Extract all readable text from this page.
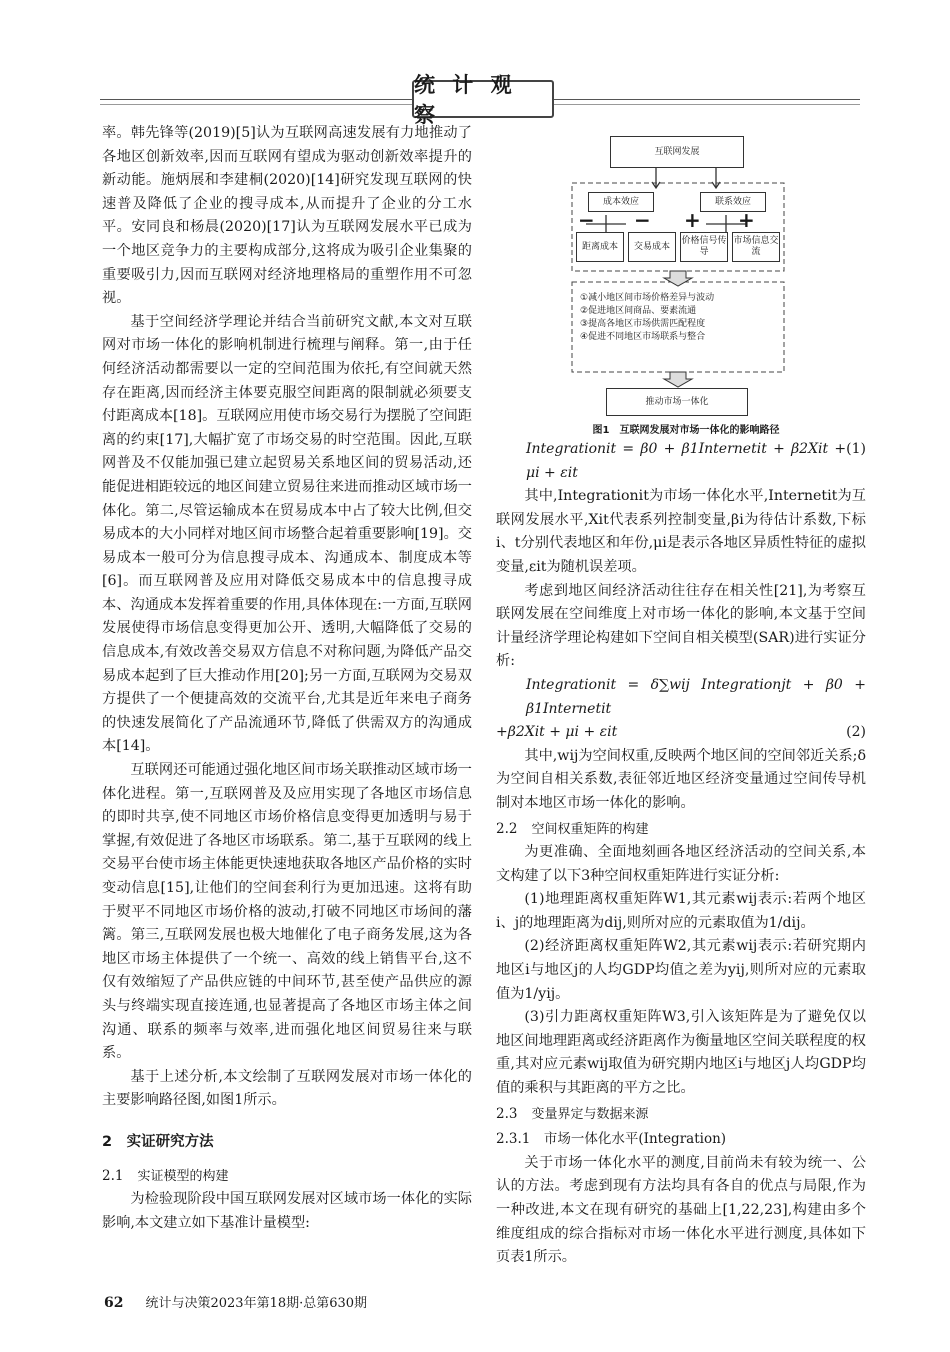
统 计 观 察

率。韩先锋等(2019)[5]认为互联网高速发展有力地推动了各地区创新效率,因而互联网有望成为驱动创新效率提升的新动能。施炳展和李建桐(2020)[14]研究发现互联网的快速普及降低了企业的搜寻成本,从而提升了企业的分工水平。安同良和杨晨(2020)[17]认为互联网发展水平已成为一个地区竞争力的主要构成部分,这将成为吸引企业集聚的重要吸引力,因而互联网对经济地理格局的重塑作用不可忽视。

基于空间经济学理论并结合当前研究文献,本文对互联网对市场一体化的影响机制进行梳理与阐释。第一,由于任何经济活动都需要以一定的空间范围为依托,有空间就天然存在距离,因而经济主体要克服空间距离的限制就必须要支付距离成本[18]。互联网应用使市场交易行为摆脱了空间距离的约束[17],大幅扩宽了市场交易的时空范围。因此,互联网普及不仅能加强已建立起贸易关系地区间的贸易活动,还能促进相距较远的地区间建立贸易往来进而推动区域市场一体化。第二,尽管运输成本在贸易成本中占了较大比例,但交易成本的大小同样对地区间市场整合起着重要影响[19]。交易成本一般可分为信息搜寻成本、沟通成本、制度成本等[6]。而互联网普及应用对降低交易成本中的信息搜寻成本、沟通成本发挥着重要的作用,具体体现在:一方面,互联网发展使得市场信息变得更加公开、透明,大幅降低了交易的信息成本,有效改善交易双方信息不对称问题,为降低产品交易成本起到了巨大推动作用[20];另一方面,互联网为交易双方提供了一个便捷高效的交流平台,尤其是近年来电子商务的快速发展简化了产品流通环节,降低了供需双方的沟通成本[14]。

互联网还可能通过强化地区间市场关联推动区域市场一体化进程。第一,互联网普及及应用实现了各地区市场信息的即时共享,使不同地区市场价格信息变得更加透明与易于掌握,有效促进了各地区市场联系。第二,基于互联网的线上交易平台使市场主体能更快速地获取各地区产品价格的实时变动信息[15],让他们的空间套利行为更加迅速。这将有助于熨平不同地区市场价格的波动,打破不同地区市场间的藩篱。第三,互联网发展也极大地催化了电子商务发展,这为各地区市场主体提供了一个统一、高效的线上销售平台,这不仅有效缩短了产品供应链的中间环节,甚至使产品供应的源头与终端实现直接连通,也显著提高了各地区市场主体之间沟通、联系的频率与效率,进而强化地区间贸易往来与联系。

基于上述分析,本文绘制了互联网发展对市场一体化的主要影响路径图,如图1所示。

2　实证研究方法
2.1 实证模型的构建

为检验现阶段中国互联网发展对区域市场一体化的实际影响,本文建立如下基准计量模型:

互联网发展
成本效应	联系效应
− − + +
距离成本	交易成本
价格信号传导
市场信息交流
①减小地区间市场价格差异与波动
②促进地区间商品、要素流通
③提高各地区市场供需匹配程度
④促进不同地区市场联系与整合
推动市场一体化
图1　互联网发展对市场一体化的影响路径
Integrationit = β0 + β1Internetit + β2Xit + μi + εit
(1)

其中,Integrationit为市场一体化水平,Internetit为互联网发展水平,Xit代表系列控制变量,βi为待估计系数,下标i、t分别代表地区和年份,μi是表示各地区异质性特征的虚拟变量,εit为随机误差项。

考虑到地区间经济活动往往存在相关性[21],为考察互联网发展在空间维度上对市场一体化的影响,本文基于空间计量经济学理论构建如下空间自相关模型(SAR)进行实证分析:

Integrationit = δ∑wij Integrationjt + β0 + β1Internetit
+β2Xit + μi + εit	(2)

其中,wij为空间权重,反映两个地区间的空间邻近关系;δ为空间自相关系数,表征邻近地区经济变量通过空间传导机制对本地区市场一体化的影响。

2.2 空间权重矩阵的构建

为更准确、全面地刻画各地区经济活动的空间关系,本文构建了以下3种空间权重矩阵进行实证分析:

(1)地理距离权重矩阵W1,其元素wij表示:若两个地区i、j的地理距离为dij,则所对应的元素取值为1/dij。

(2)经济距离权重矩阵W2,其元素wij表示:若研究期内地区i与地区j的人均GDP均值之差为yij,则所对应的元素取值为1/yij。

(3)引力距离权重矩阵W3,引入该矩阵是为了避免仅以地区间地理距离或经济距离作为衡量地区空间关联程度的权重,其对应元素wij取值为研究期内地区i与地区j人均GDP均值的乘积与其距离的平方之比。

2.3 变量界定与数据来源
2.3.1　市场一体化水平(Integration)

关于市场一体化水平的测度,目前尚未有较为统一、公认的方法。考虑到现有方法均具有各自的优点与局限,作为一种改进,本文在现有研究的基础上[1,22,23],构建由多个维度组成的综合指标对市场一体化水平进行测度,具体如下页表1所示。

62 统计与决策2023年第18期·总第630期
